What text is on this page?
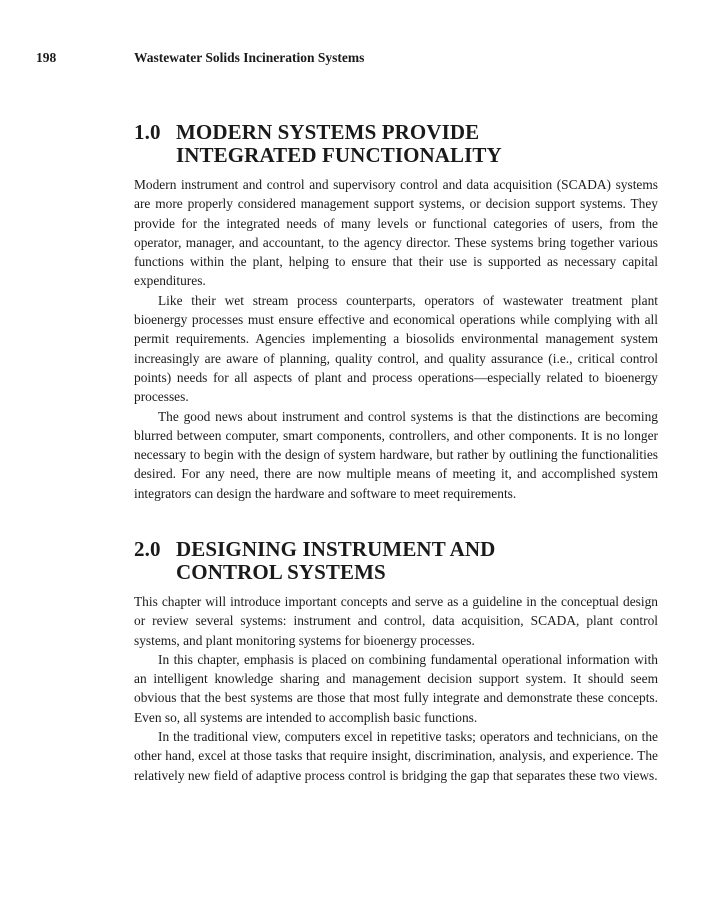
198	Wastewater Solids Incineration Systems
1.0 MODERN SYSTEMS PROVIDE INTEGRATED FUNCTIONALITY

Modern instrument and control and supervisory control and data acquisition (SCADA) systems are more properly considered management support systems, or decision support systems. They provide for the integrated needs of many levels or functional categories of users, from the operator, manager, and accountant, to the agency director. These systems bring together various functions within the plant, helping to ensure that their use is supported as necessary capital expenditures.

Like their wet stream process counterparts, operators of wastewater treatment plant bioenergy processes must ensure effective and economical operations while complying with all permit requirements. Agencies implementing a biosolids environmental management system increasingly are aware of planning, quality control, and quality assurance (i.e., critical control points) needs for all aspects of plant and process operations—especially related to bioenergy processes.

The good news about instrument and control systems is that the distinctions are becoming blurred between computer, smart components, controllers, and other components. It is no longer necessary to begin with the design of system hardware, but rather by outlining the functionalities desired. For any need, there are now multiple means of meeting it, and accomplished system integrators can design the hardware and software to meet requirements.

2.0 DESIGNING INSTRUMENT AND CONTROL SYSTEMS

This chapter will introduce important concepts and serve as a guideline in the conceptual design or review several systems: instrument and control, data acquisition, SCADA, plant control systems, and plant monitoring systems for bioenergy processes.

In this chapter, emphasis is placed on combining fundamental operational information with an intelligent knowledge sharing and management decision support system. It should seem obvious that the best systems are those that most fully integrate and demonstrate these concepts. Even so, all systems are intended to accomplish basic functions.

In the traditional view, computers excel in repetitive tasks; operators and technicians, on the other hand, excel at those tasks that require insight, discrimination, analysis, and experience. The relatively new field of adaptive process control is bridging the gap that separates these two views.
